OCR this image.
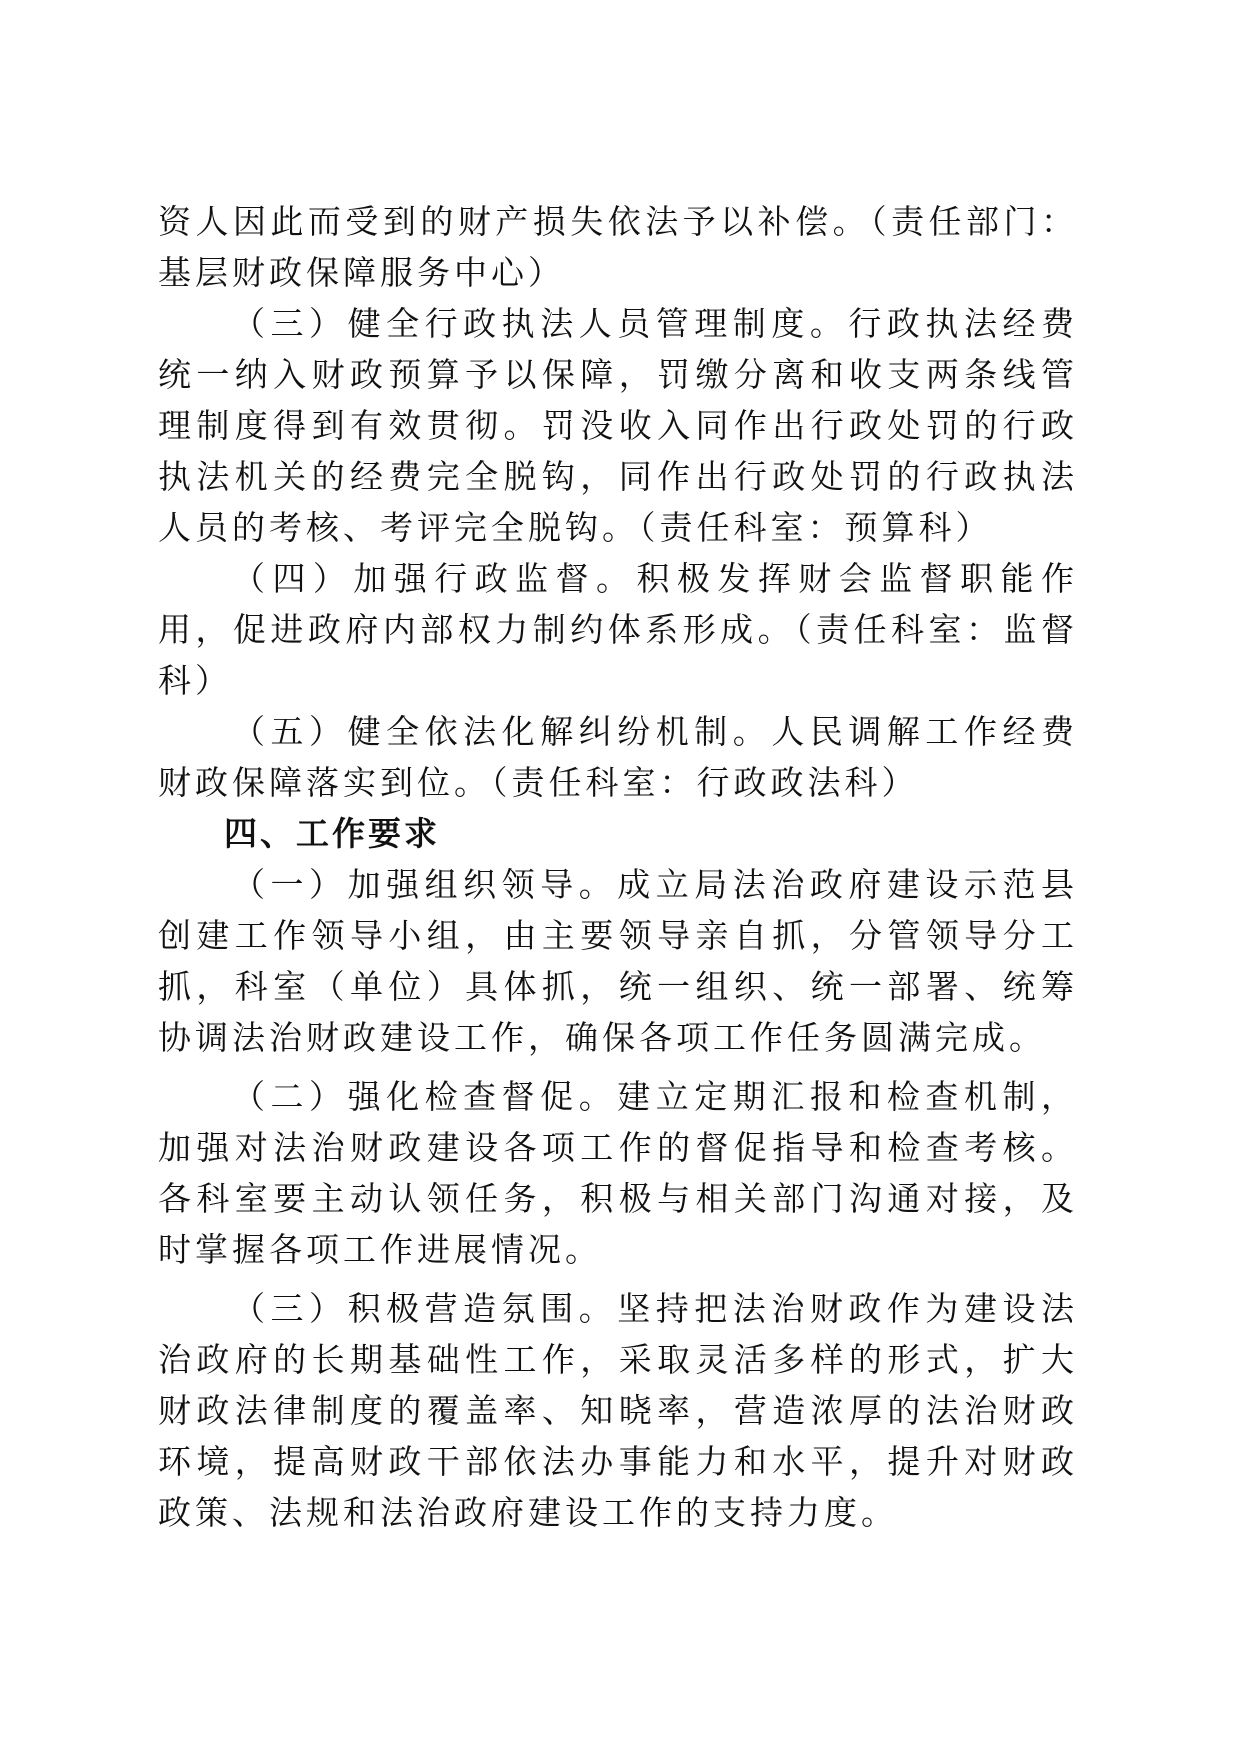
资人因此而受到的财产损失依法予以补偿。（责任部门：基层财政保障服务中心）

（三）健全行政执法人员管理制度。行政执法经费统一纳入财政预算予以保障，罚缴分离和收支两条线管理制度得到有效贯彻。罚没收入同作出行政处罚的行政执法机关的经费完全脱钩，同作出行政处罚的行政执法人员的考核、考评完全脱钩。（责任科室：预算科）

（四）加强行政监督。积极发挥财会监督职能作用，促进政府内部权力制约体系形成。（责任科室：监督科）

（五）健全依法化解纠纷机制。人民调解工作经费财政保障落实到位。（责任科室：行政政法科）

四、工作要求

（一）加强组织领导。成立局法治政府建设示范县创建工作领导小组，由主要领导亲自抓，分管领导分工抓，科室（单位）具体抓，统一组织、统一部署、统筹协调法治财政建设工作，确保各项工作任务圆满完成。

（二）强化检查督促。建立定期汇报和检查机制，加强对法治财政建设各项工作的督促指导和检查考核。各科室要主动认领任务，积极与相关部门沟通对接，及时掌握各项工作进展情况。

（三）积极营造氛围。坚持把法治财政作为建设法治政府的长期基础性工作，采取灵活多样的形式，扩大财政法律制度的覆盖率、知晓率，营造浓厚的法治财政环境，提高财政干部依法办事能力和水平，提升对财政政策、法规和法治政府建设工作的支持力度。
